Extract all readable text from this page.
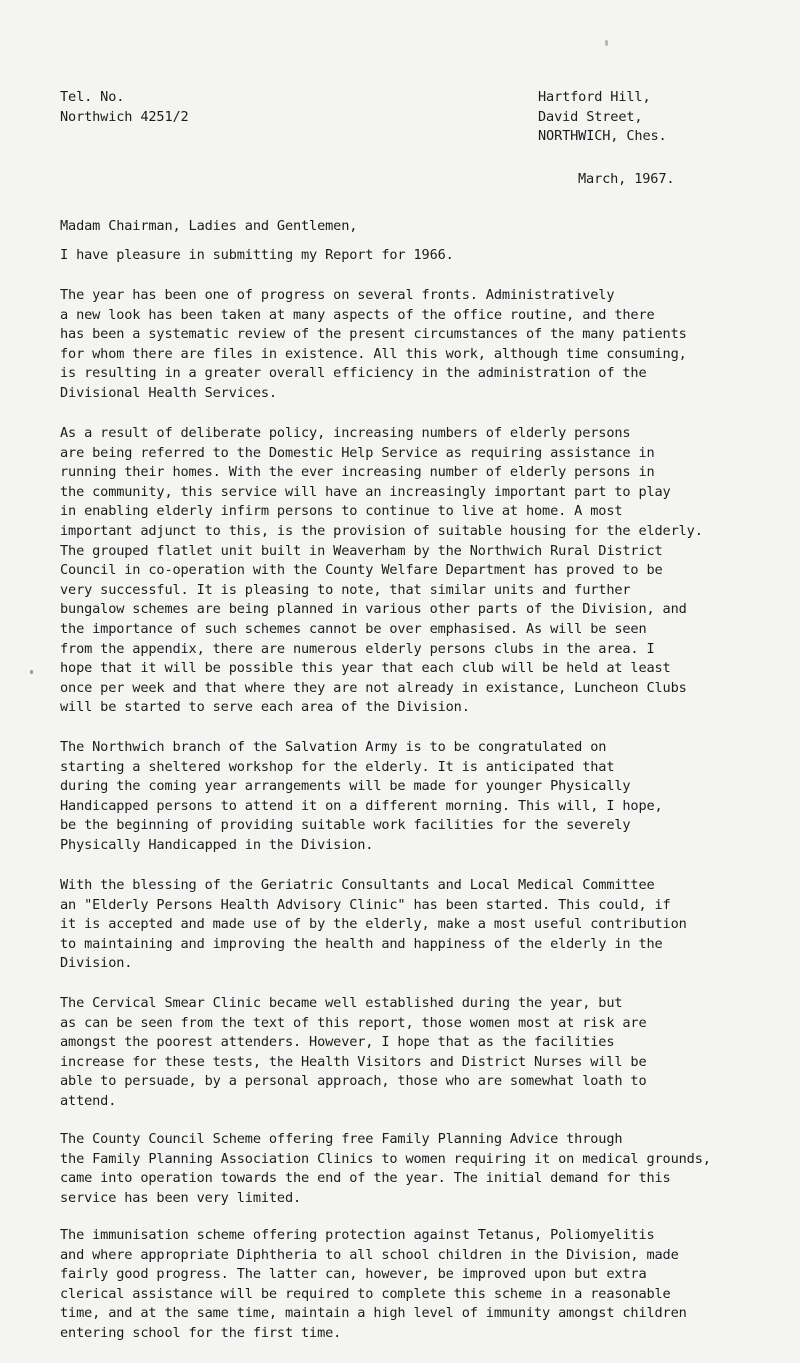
Tel. No.
Northwich 4251/2
Hartford Hill,
David Street,
NORTHWICH, Ches.
March, 1967.
Madam Chairman, Ladies and Gentlemen,
I have pleasure in submitting my Report for 1966.
The year has been one of progress on several fronts. Administratively
a new look has been taken at many aspects of the office routine, and there
has been a systematic review of the present circumstances of the many patients
for whom there are files in existence. All this work, although time consuming,
is resulting in a greater overall efficiency in the administration of the
Divisional Health Services.
As a result of deliberate policy, increasing numbers of elderly persons
are being referred to the Domestic Help Service as requiring assistance in
running their homes. With the ever increasing number of elderly persons in
the community, this service will have an increasingly important part to play
in enabling elderly infirm persons to continue to live at home. A most
important adjunct to this, is the provision of suitable housing for the elderly.
The grouped flatlet unit built in Weaverham by the Northwich Rural District
Council in co-operation with the County Welfare Department has proved to be
very successful. It is pleasing to note, that similar units and further
bungalow schemes are being planned in various other parts of the Division, and
the importance of such schemes cannot be over emphasised. As will be seen
from the appendix, there are numerous elderly persons clubs in the area. I
hope that it will be possible this year that each club will be held at least
once per week and that where they are not already in existance, Luncheon Clubs
will be started to serve each area of the Division.
The Northwich branch of the Salvation Army is to be congratulated on
starting a sheltered workshop for the elderly. It is anticipated that
during the coming year arrangements will be made for younger Physically
Handicapped persons to attend it on a different morning. This will, I hope,
be the beginning of providing suitable work facilities for the severely
Physically Handicapped in the Division.
With the blessing of the Geriatric Consultants and Local Medical Committee
an "Elderly Persons Health Advisory Clinic" has been started. This could, if
it is accepted and made use of by the elderly, make a most useful contribution
to maintaining and improving the health and happiness of the elderly in the
Division.
The Cervical Smear Clinic became well established during the year, but
as can be seen from the text of this report, those women most at risk are
amongst the poorest attenders. However, I hope that as the facilities
increase for these tests, the Health Visitors and District Nurses will be
able to persuade, by a personal approach, those who are somewhat loath to
attend.
The County Council Scheme offering free Family Planning Advice through
the Family Planning Association Clinics to women requiring it on medical grounds,
came into operation towards the end of the year. The initial demand for this
service has been very limited.
The immunisation scheme offering protection against Tetanus, Poliomyelitis
and where appropriate Diphtheria to all school children in the Division, made
fairly good progress. The latter can, however, be improved upon but extra
clerical assistance will be required to complete this scheme in a reasonable
time, and at the same time, maintain a high level of immunity amongst children
entering school for the first time.
